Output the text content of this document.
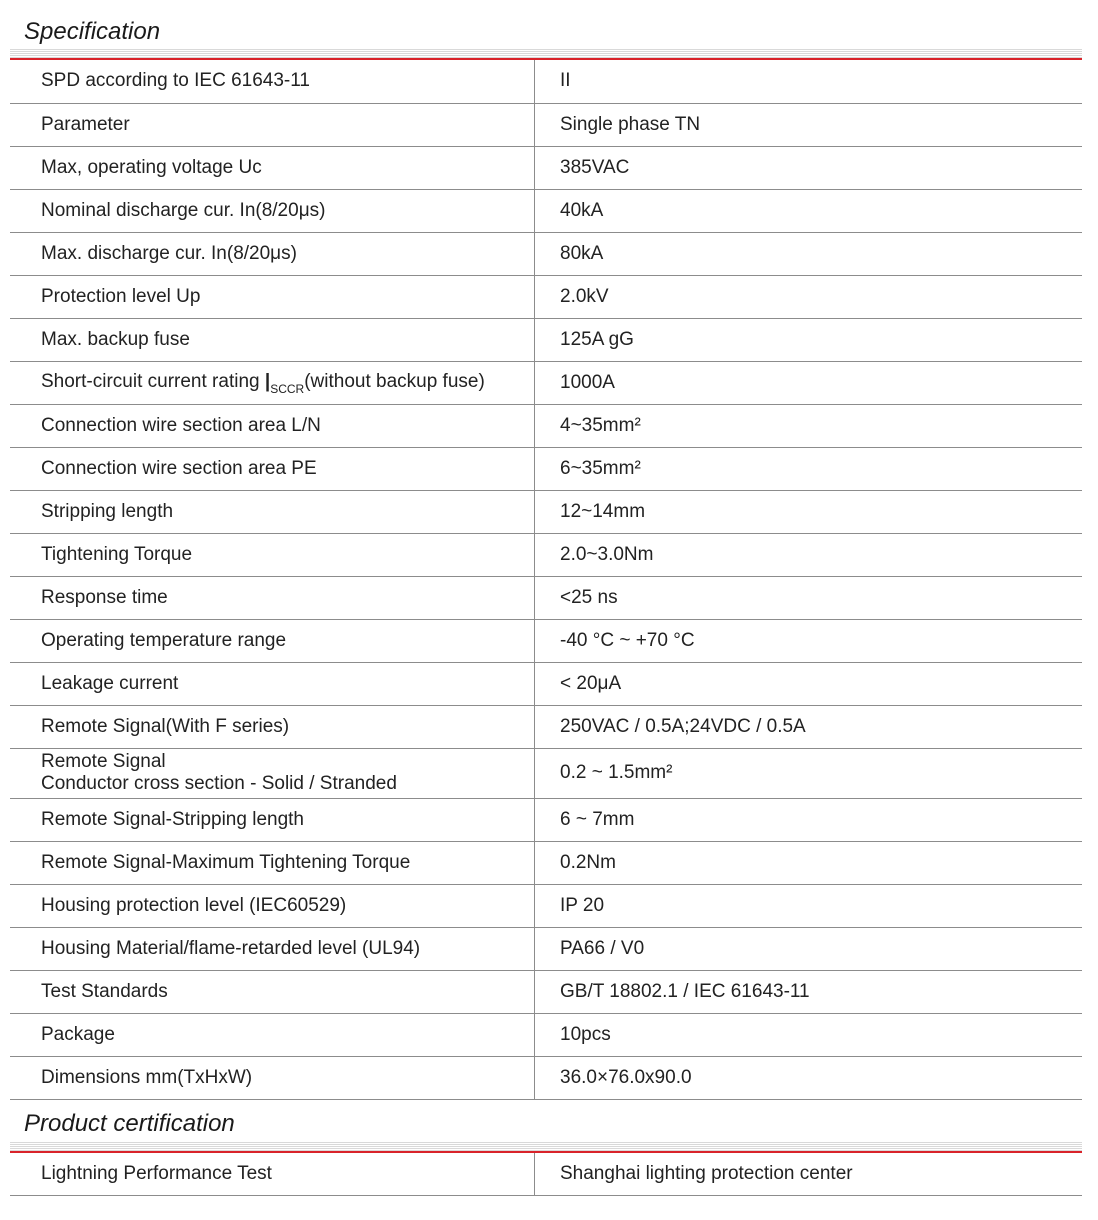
Specification
SPD according to IEC 61643-11	II
Parameter	Single phase TN
Max, operating voltage Uc	385VAC
Nominal discharge cur. In(8/20μs)	40kA
Max. discharge cur. In(8/20μs)	80kA
Protection level Up	2.0kV
Max. backup fuse	125A gG
Short-circuit current rating $|_{SCCR}(without$ backup fuse)	1000A
Connection wire section area L/N	4~35mm²
Connection wire section area PE	6~35mm²
Stripping length	12~14mm
Tightening Torque	2.0~3.0Nm
Response time	<25 ns
Operating temperature range	-40 °C ~ +70 °C
Leakage current	< 20μA
Remote Signal(With F series)	250VAC / 0.5A;24VDC / 0.5A

Remote Signal
Conductor cross section - Solid / Stranded	0.2 ~ 1.5mm²
Remote Signal-Stripping length	6 ~ 7mm
Remote Signal-Maximum Tightening Torque	0.2Nm
Housing protection level (IEC60529)	IP 20
Housing Material/flame-retarded level (UL94)	PA66 / V0
Test Standards	GB/T 18802.1 / IEC 61643-11
Package	10pcs
Dimensions mm(TxHxW)	36.0×76.0x90.0
Product certification
Lightning Performance Test	Shanghai lighting protection center
